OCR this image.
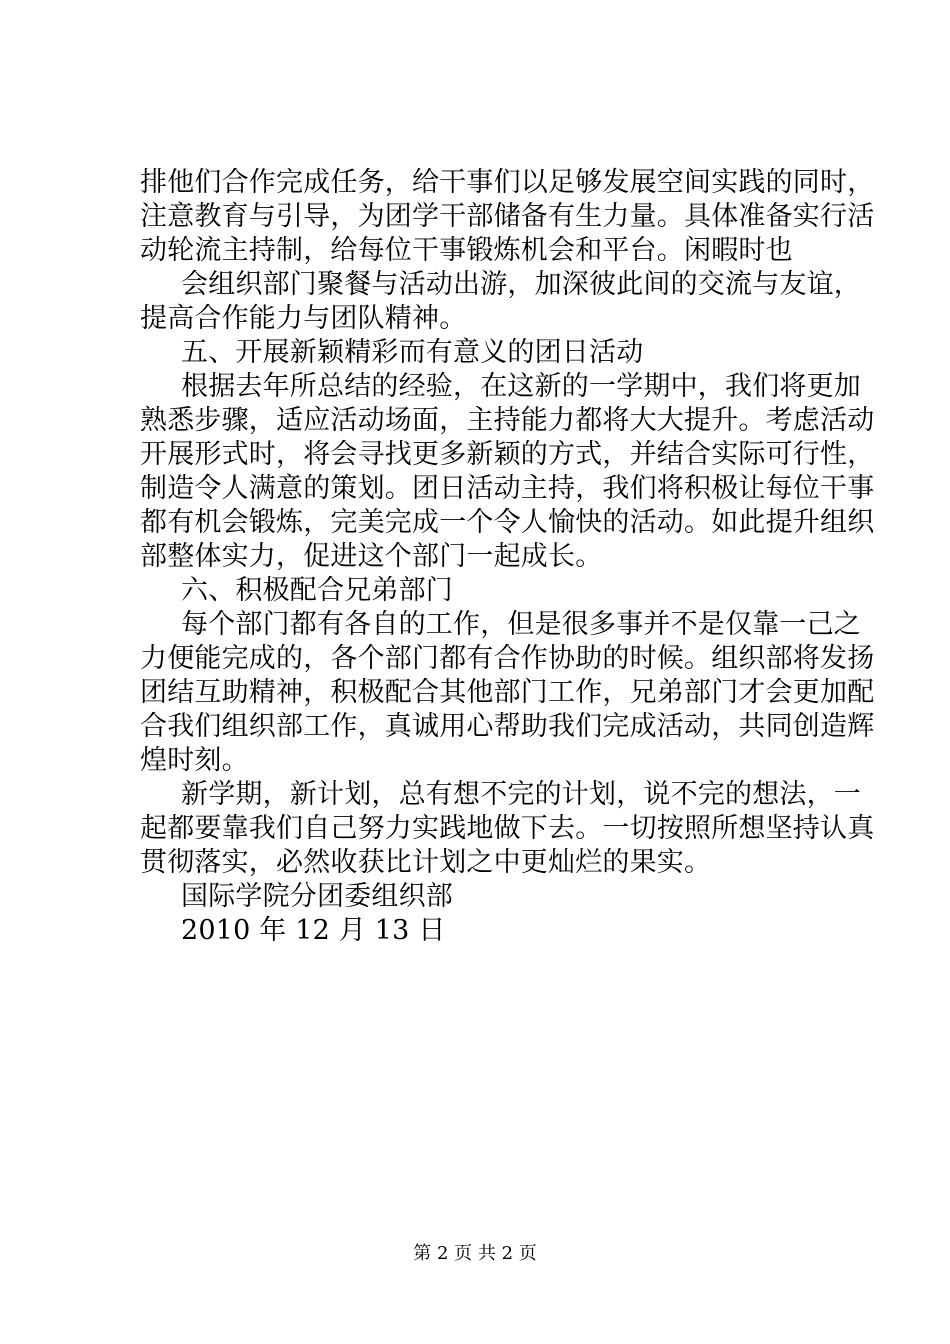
排他们合作完成任务，给干事们以足够发展空间实践的同时，
注意教育与引导，为团学干部储备有生力量。具体准备实行活
动轮流主持制，给每位干事锻炼机会和平台。闲暇时也
会组织部门聚餐与活动出游，加深彼此间的交流与友谊，
提高合作能力与团队精神。
五、开展新颖精彩而有意义的团日活动
根据去年所总结的经验，在这新的一学期中，我们将更加
熟悉步骤，适应活动场面，主持能力都将大大提升。考虑活动
开展形式时，将会寻找更多新颖的方式，并结合实际可行性，
制造令人满意的策划。团日活动主持，我们将积极让每位干事
都有机会锻炼，完美完成一个令人愉快的活动。如此提升组织
部整体实力，促进这个部门一起成长。
六、积极配合兄弟部门
每个部门都有各自的工作，但是很多事并不是仅靠一己之
力便能完成的，各个部门都有合作协助的时候。组织部将发扬
团结互助精神，积极配合其他部门工作，兄弟部门才会更加配
合我们组织部工作，真诚用心帮助我们完成活动，共同创造辉
煌时刻。
新学期，新计划，总有想不完的计划，说不完的想法，一
起都要靠我们自己努力实践地做下去。一切按照所想坚持认真
贯彻落实，必然收获比计划之中更灿烂的果实。
国际学院分团委组织部
2010 年 12 月 13 日
第 2 页 共 2 页
